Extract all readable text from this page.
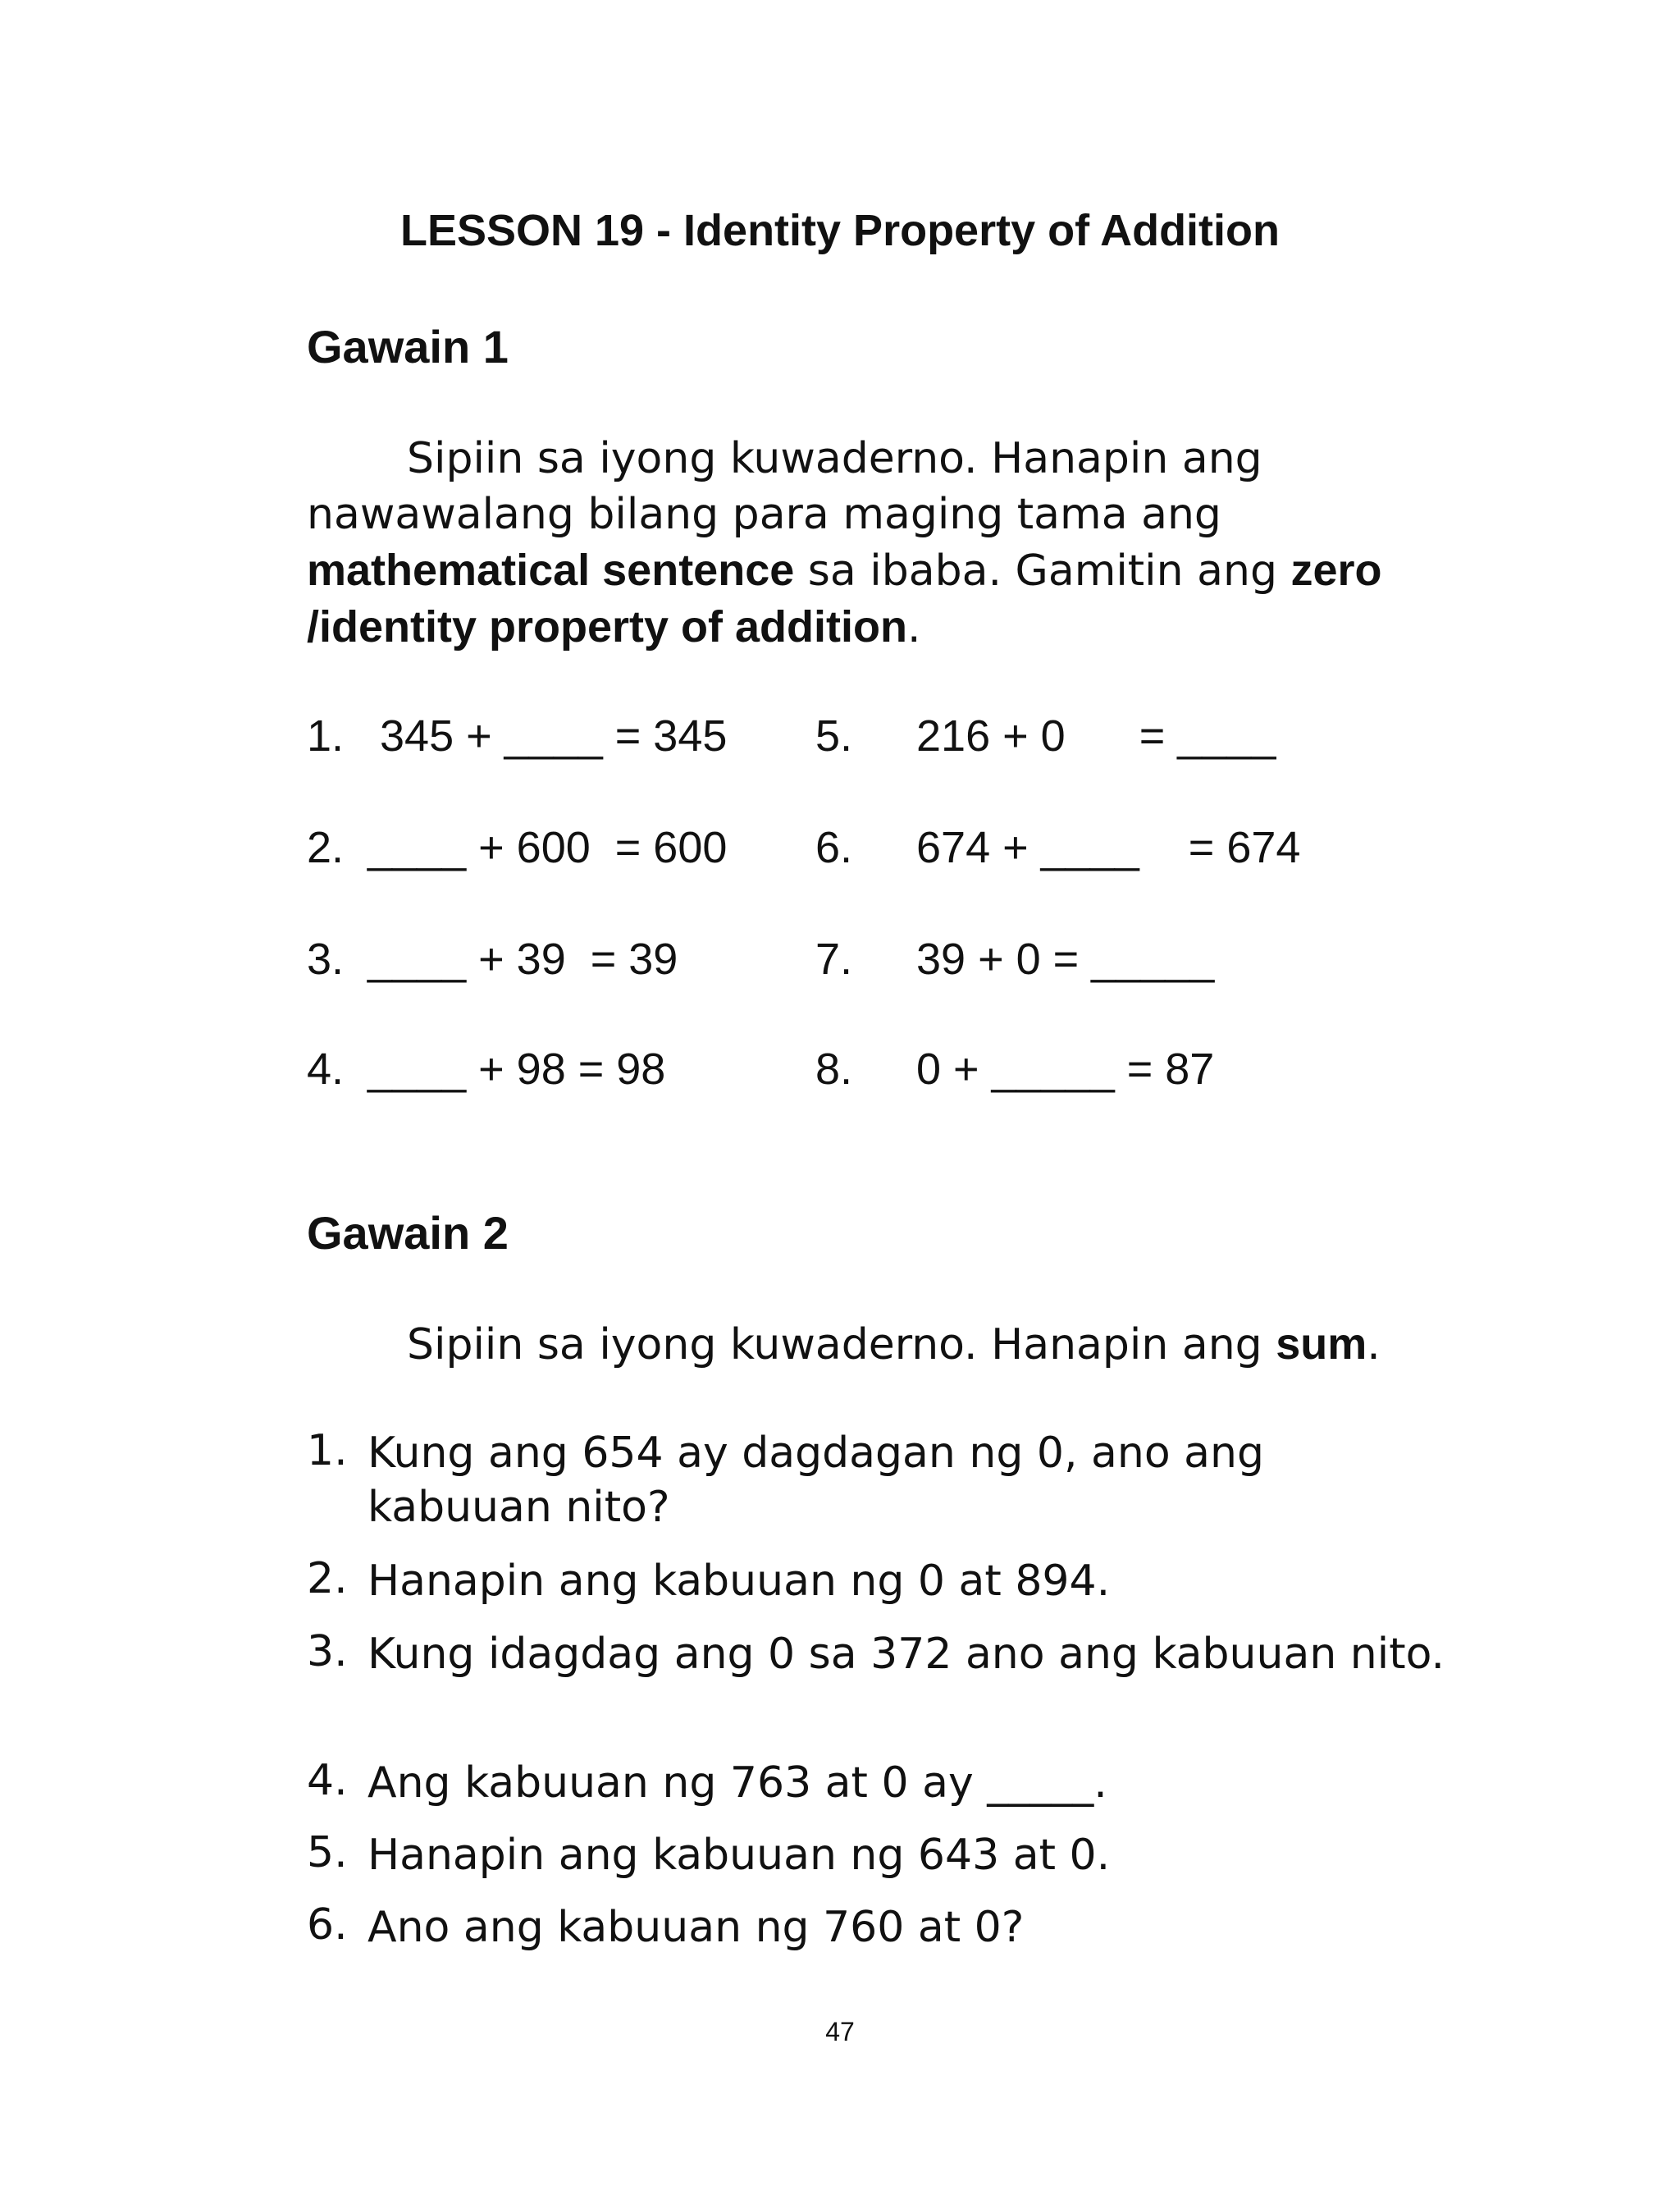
LESSON 19 - Identity Property of Addition
Gawain 1
Sipiin sa iyong kuwaderno. Hanapin ang nawawalang bilang para maging tama ang mathematical sentence sa ibaba. Gamitin ang zero /identity property of addition.
1. 345 + ____ = 345
2. ____ + 600  = 600
3. ____ + 39  = 39
4. ____ + 98 = 98
5. 216 + 0      = ____
6. 674 + ____    = 674
7. 39 + 0 = _____
8. 0 + _____ = 87
Gawain 2
Sipiin sa iyong kuwaderno. Hanapin ang sum.
1. Kung ang 654 ay dagdagan ng 0, ano ang kabuuan nito?
2. Hanapin ang kabuuan ng 0 at 894.
3. Kung idagdag ang 0 sa 372 ano ang kabuuan nito.
4. Ang kabuuan ng 763 at 0 ay _____.
5. Hanapin ang kabuuan ng 643 at 0.
6. Ano ang kabuuan ng 760 at 0?
47
